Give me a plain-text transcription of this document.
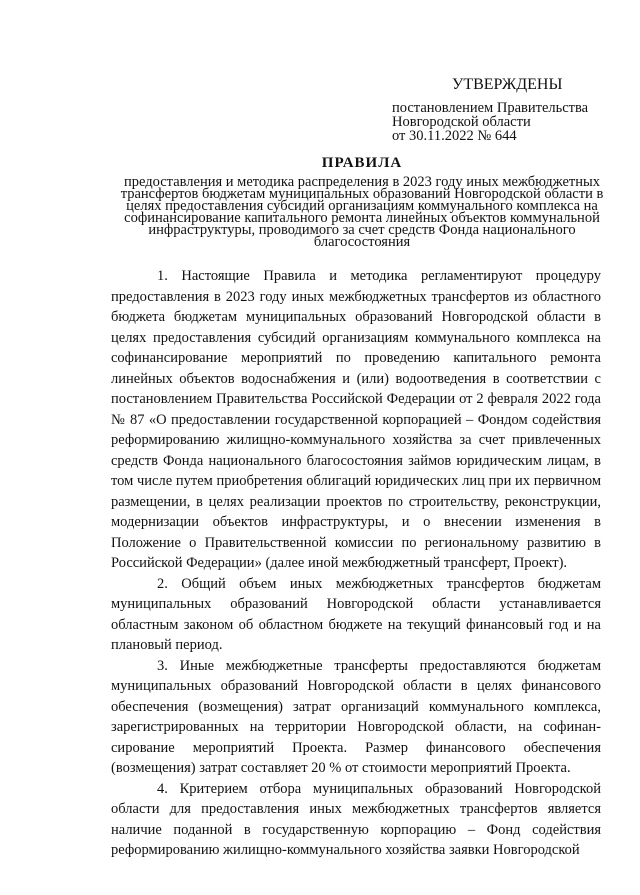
УТВЕРЖДЕНЫ
постановлением Правительства
Новгородской области
от 30.11.2022 № 644
ПРАВИЛА
предоставления и методика распределения в 2023 году иных межбюджетных трансфертов бюджетам муниципальных образований Новгородской области в целях предоставления субсидий организациям коммунального комплекса на софинансирование капитального ремонта линейных объектов коммунальной инфраструктуры, проводимого за счет средств Фонда национального благосостояния

1. Настоящие Правила и методика регламентируют процедуру предоставления в 2023 году иных межбюджетных трансфертов из областного бюджета бюджетам муниципальных образований Новгородской области в целях предоставления субсидий организациям коммунального комплекса на софинансирование мероприятий по проведению капитального ремонта линейных объектов водоснабжения и (или) водоотведения в соответствии с постановлением Правительства Российской Федерации от 2 февраля 2022 года № 87 «О предоставлении государственной корпорацией – Фондом содействия реформированию жилищно-коммунального хозяйства за счет привлеченных средств Фонда национального благосостояния займов юридическим лицам, в том числе путем приобретения облигаций юридических лиц при их первичном размещении, в целях реализации проектов по строительству, реконструкции, модернизации объектов инфраструктуры, и о внесении изменения в Положение о Правительственной комиссии по региональному развитию в Российской Федерации» (далее иной межбюджетный трансферт, Проект).

2. Общий объем иных межбюджетных трансфертов бюджетам муниципальных образований Новгородской области устанавливается областным законом об областном бюджете на текущий финансовый год и на плановый период.

3. Иные межбюджетные трансферты предоставляются бюджетам муниципальных образований Новгородской области в целях финансового обеспечения (возмещения) затрат организаций коммунального комплекса, зарегистрированных на территории Новгородской области, на софинан-сирование мероприятий Проекта. Размер финансового обеспечения (возмещения) затрат составляет 20 % от стоимости мероприятий Проекта.

4. Критерием отбора муниципальных образований Новгородской области для предоставления иных межбюджетных трансфертов является наличие поданной в государственную корпорацию – Фонд содействия реформированию жилищно-коммунального хозяйства заявки Новгородской
